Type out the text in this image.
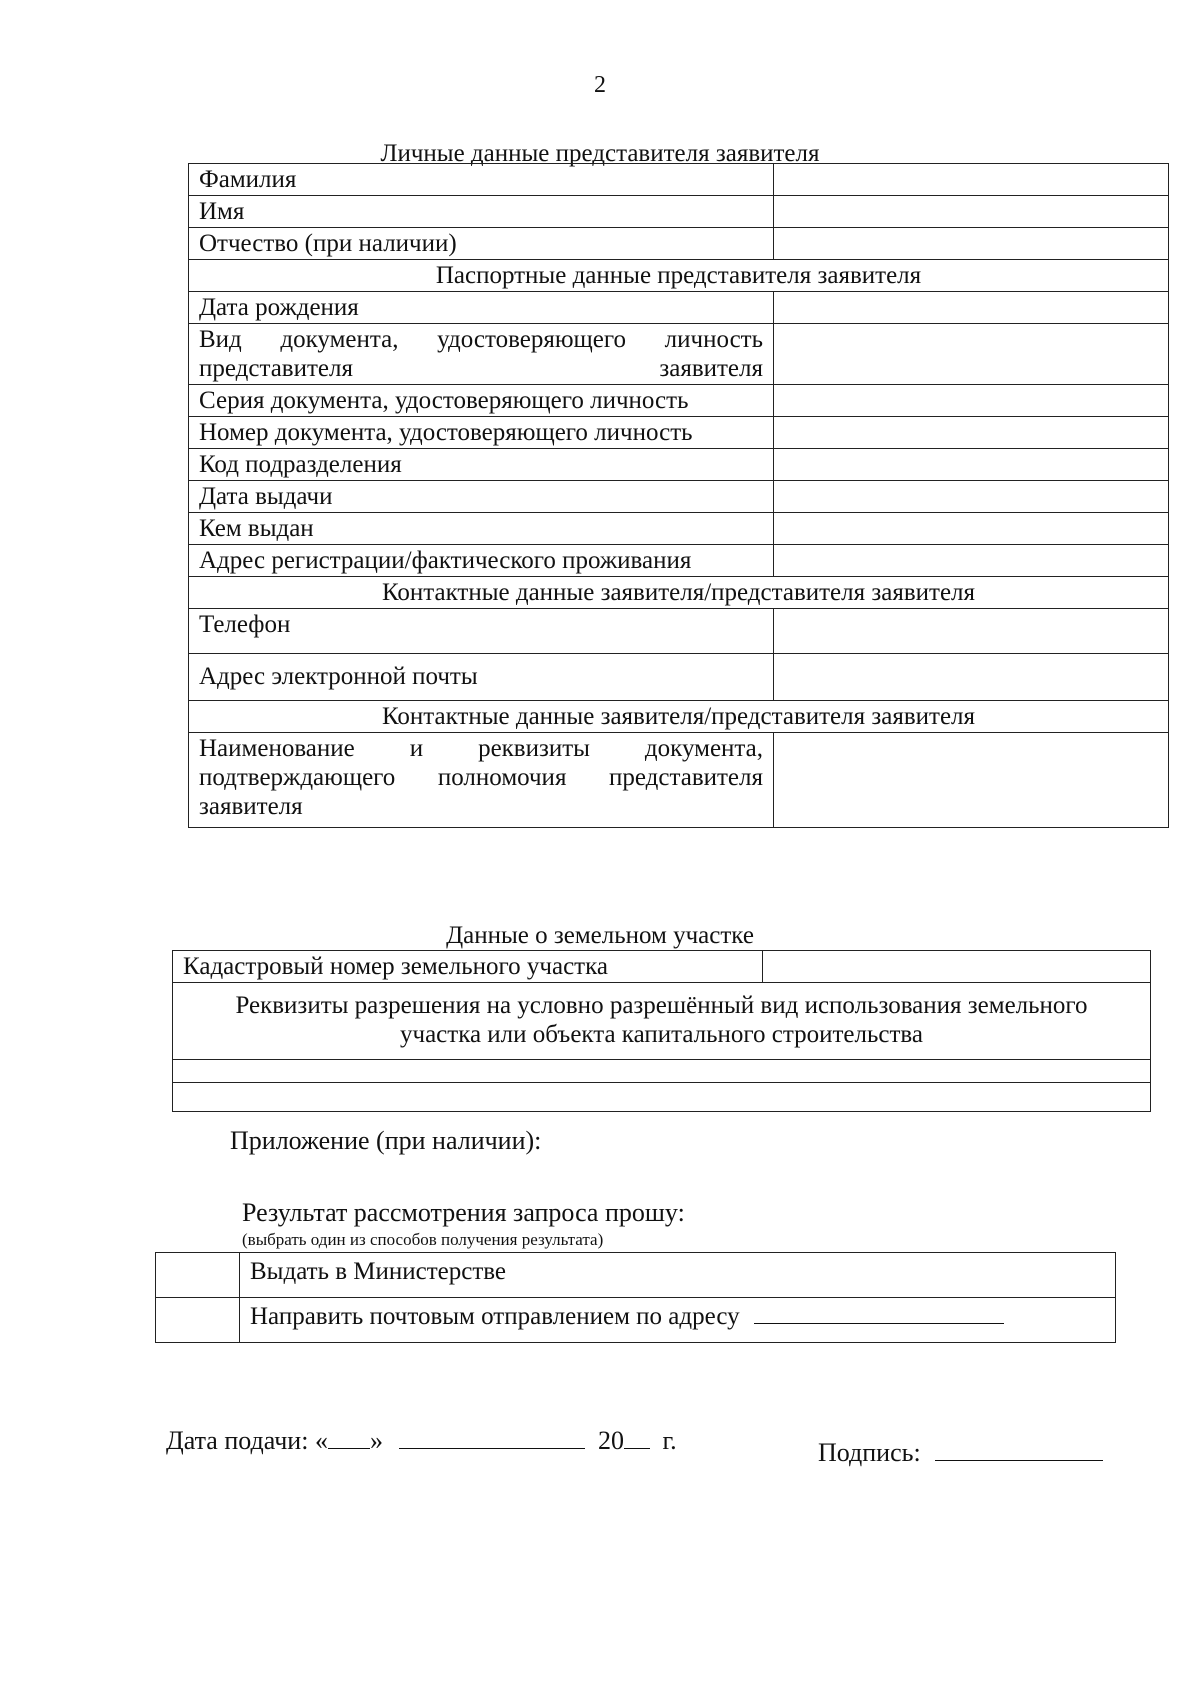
2
Личные данные представителя заявителя
Фамилия	
Имя	
Отчество (при наличии)	
Паспортные данные представителя заявителя	
Дата рождения	
Вид документа, удостоверяющего личность представителя заявителя	
Серия документа, удостоверяющего личность	
Номер документа, удостоверяющего личность	
Код подразделения	
Дата выдачи	
Кем выдан	
Адрес регистрации/фактического проживания	
Контактные данные заявителя/представителя заявителя	
Телефон	
Адрес электронной почты	
Контактные данные заявителя/представителя заявителя	
Наименование и реквизиты документа, подтверждающего полномочия представителя заявителя	
Данные о земельном участке
Кадастровый номер земельного участка	
Реквизиты разрешения на условно разрешённый вид использования земельного участка или объекта капитального строительства

Приложение (при наличии):
Результат рассмотрения запроса прошу:
(выбрать один из способов получения результата)
	Выдать в Министерстве
	Направить почтовым отправлением по адресу
Дата подачи: « »	20 г.	Подпись:
